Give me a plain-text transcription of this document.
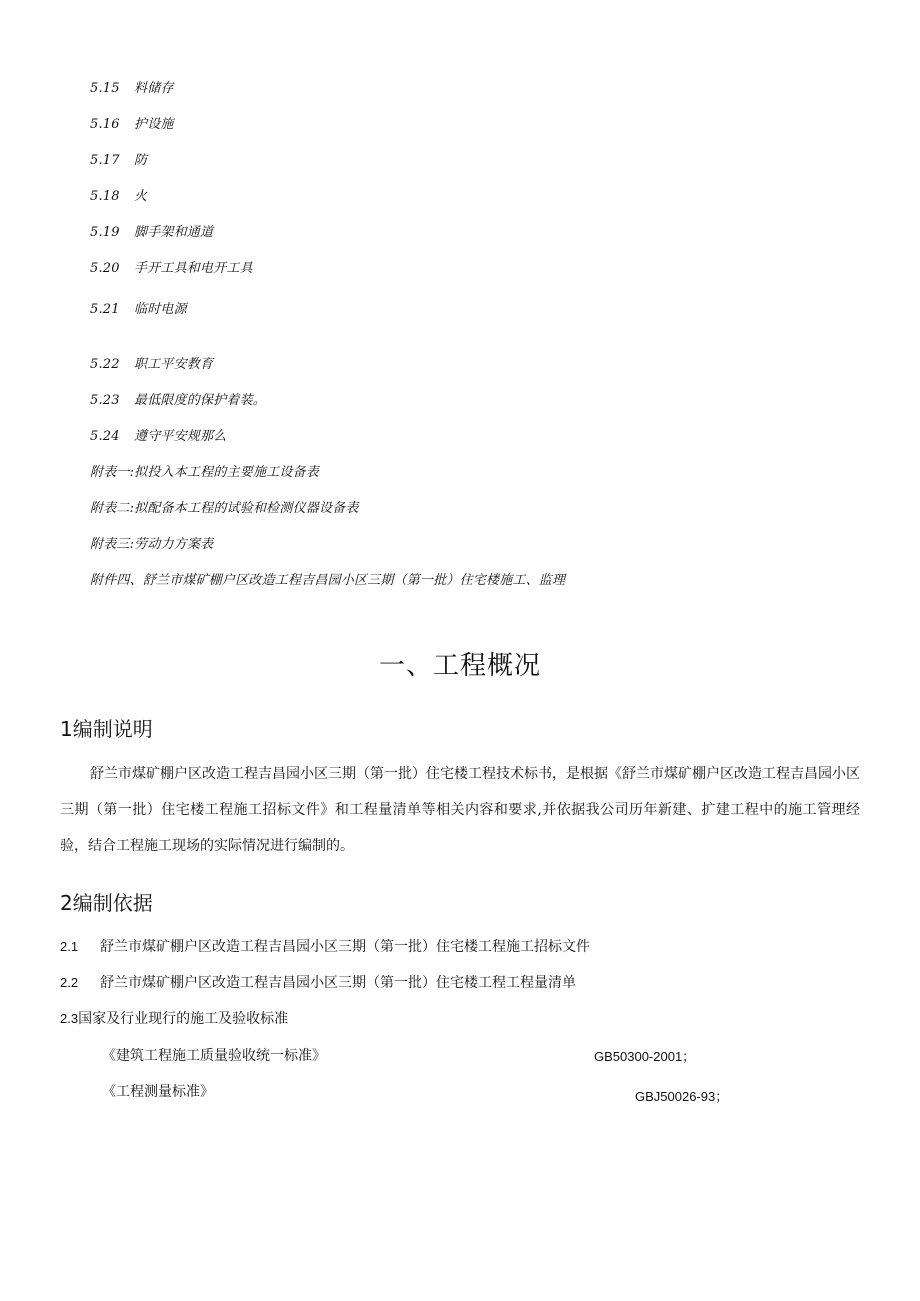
5.15 料储存
5.16 护设施
5.17 防
5.18 火
5.19 脚手架和通道
5.20 手开工具和电开工具
5.21 临时电源
5.22 职工平安教育
5.23 最低限度的保护着装。
5.24 遵守平安规那么
附表一:拟投入本工程的主要施工设备表
附表二:拟配备本工程的试验和检测仪器设备表
附表三:劳动力方案表
附件四、舒兰市煤矿棚户区改造工程吉昌园小区三期（第一批）住宅楼施工、监理
一、工程概况
1编制说明

舒兰市煤矿棚户区改造工程吉昌园小区三期（第一批）住宅楼工程技术标书，是根据《舒兰市煤矿棚户区改造工程吉昌园小区三期（第一批）住宅楼工程施工招标文件》和工程量清单等相关内容和要求,并依据我公司历年新建、扩建工程中的施工管理经验，结合工程施工现场的实际情况进行编制的。

2编制依据
2.1 舒兰市煤矿棚户区改造工程吉昌园小区三期（第一批）住宅楼工程施工招标文件
2.2 舒兰市煤矿棚户区改造工程吉昌园小区三期（第一批）住宅楼工程工程量清单
2.3国家及行业现行的施工及验收标准
《建筑工程施工质量验收统一标准》	GB50300-2001；
《工程测量标准》	GBJ50026-93；
